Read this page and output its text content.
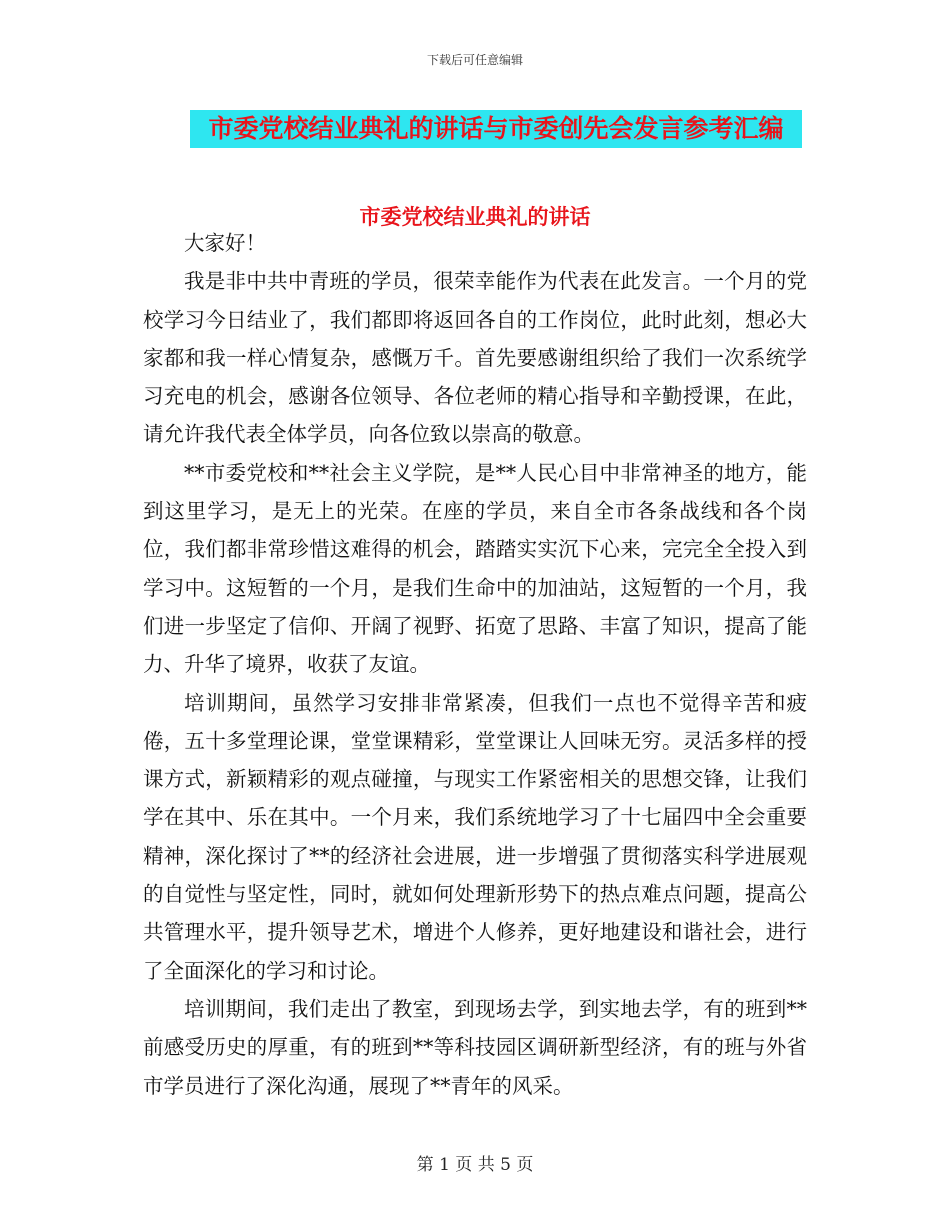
下载后可任意编辑
市委党校结业典礼的讲话与市委创先会发言参考汇编
市委党校结业典礼的讲话

大家好！

我是非中共中青班的学员，很荣幸能作为代表在此发言。一个月的党校学习今日结业了，我们都即将返回各自的工作岗位，此时此刻，想必大家都和我一样心情复杂，感慨万千。首先要感谢组织给了我们一次系统学习充电的机会，感谢各位领导、各位老师的精心指导和辛勤授课，在此，请允许我代表全体学员，向各位致以崇高的敬意。

**市委党校和**社会主义学院，是**人民心目中非常神圣的地方，能到这里学习，是无上的光荣。在座的学员，来自全市各条战线和各个岗位，我们都非常珍惜这难得的机会，踏踏实实沉下心来，完完全全投入到学习中。这短暂的一个月，是我们生命中的加油站，这短暂的一个月，我们进一步坚定了信仰、开阔了视野、拓宽了思路、丰富了知识，提高了能力、升华了境界，收获了友谊。

培训期间，虽然学习安排非常紧凑，但我们一点也不觉得辛苦和疲倦，五十多堂理论课，堂堂课精彩，堂堂课让人回味无穷。灵活多样的授课方式，新颖精彩的观点碰撞，与现实工作紧密相关的思想交锋，让我们学在其中、乐在其中。一个月来，我们系统地学习了十七届四中全会重要精神，深化探讨了**的经济社会进展，进一步增强了贯彻落实科学进展观的自觉性与坚定性，同时，就如何处理新形势下的热点难点问题，提高公共管理水平，提升领导艺术，增进个人修养，更好地建设和谐社会，进行了全面深化的学习和讨论。

培训期间，我们走出了教室，到现场去学，到实地去学，有的班到**前感受历史的厚重，有的班到**等科技园区调研新型经济，有的班与外省市学员进行了深化沟通，展现了**青年的风采。

第 1 页 共 5 页
